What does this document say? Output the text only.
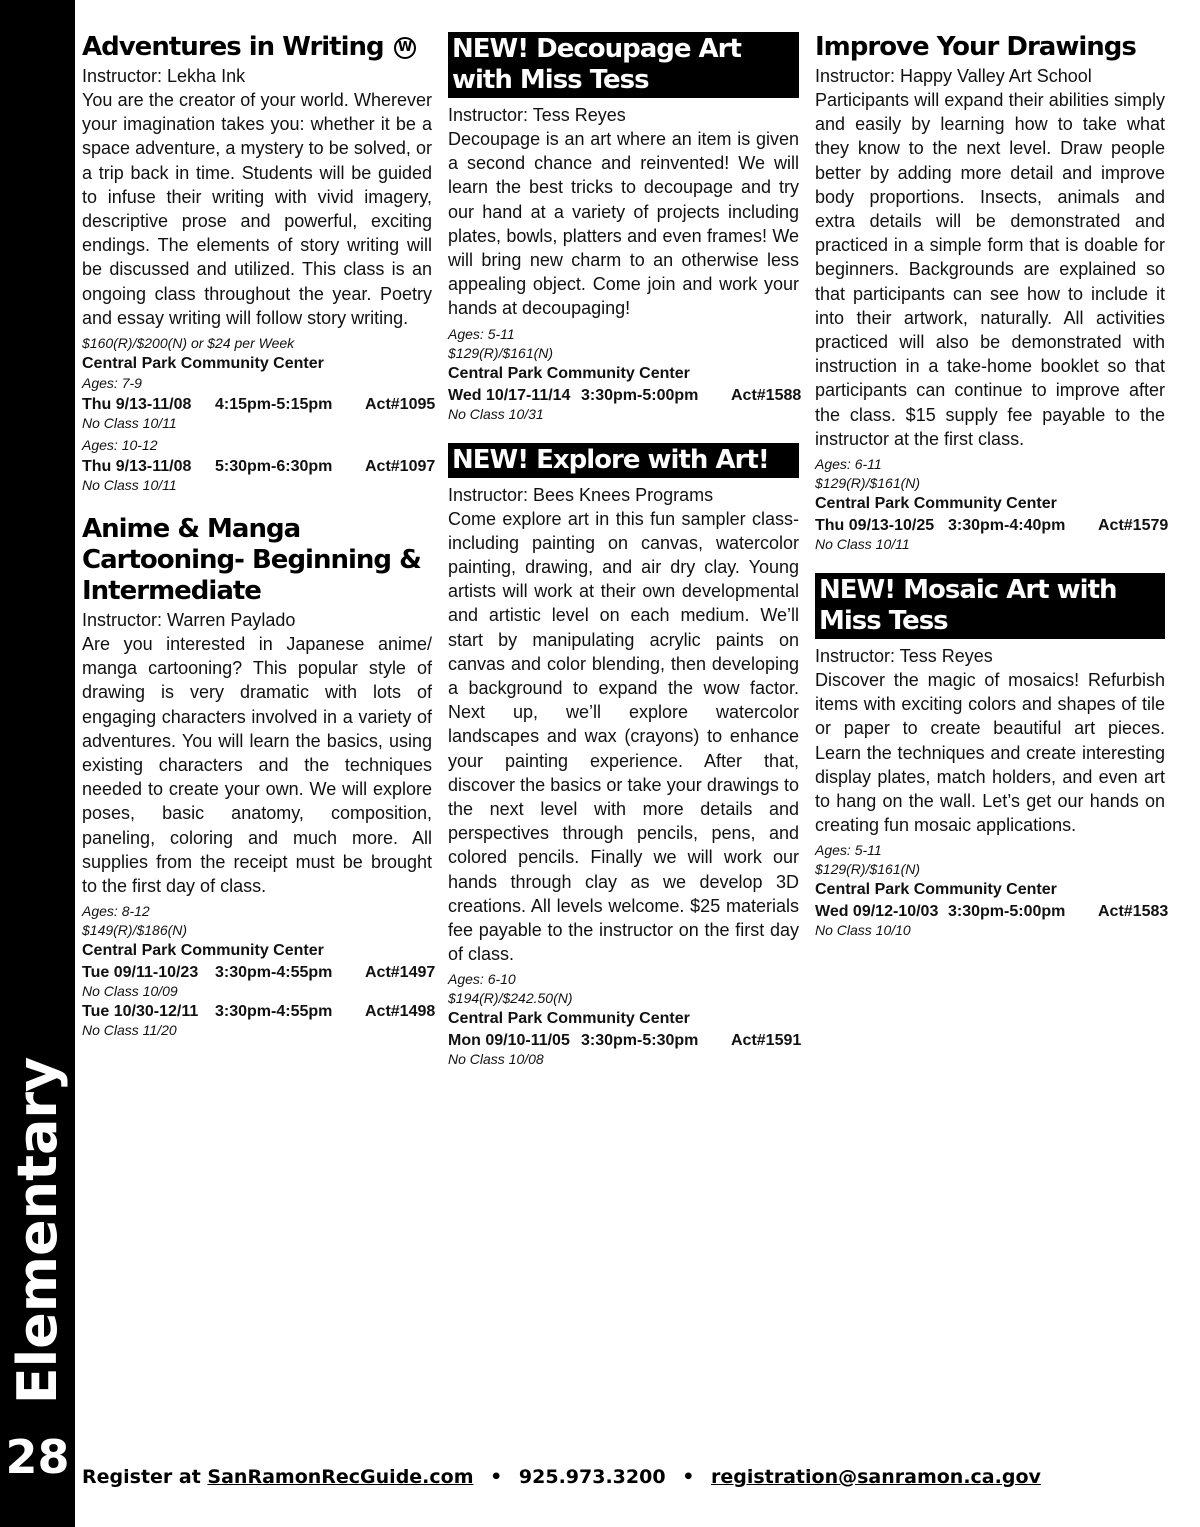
Elementary
28
Adventures in Writing W
Instructor: Lekha Ink
You are the creator of your world. Wherever your imagination takes you: whether it be a space adventure, a mystery to be solved, or a trip back in time. Students will be guided to infuse their writing with vivid imagery, descriptive prose and powerful, exciting endings. The elements of story writing will be discussed and utilized. This class is an ongoing class throughout the year. Poetry and essay writing will follow story writing.
$160(R)/$200(N) or $24 per Week
Central Park Community Center
Ages: 7-9
Thu 9/13-11/08	4:15pm-5:15pm	Act#1095
No Class 10/11
Ages: 10-12
Thu 9/13-11/08	5:30pm-6:30pm	Act#1097
No Class 10/11
Anime & Manga Cartooning- Beginning & Intermediate
Instructor: Warren Paylado
Are you interested in Japanese anime/ manga cartooning? This popular style of drawing is very dramatic with lots of engaging characters involved in a variety of adventures. You will learn the basics, using existing characters and the techniques needed to create your own. We will explore poses, basic anatomy, composition, paneling, coloring and much more. All supplies from the receipt must be brought to the first day of class.
Ages: 8-12
$149(R)/$186(N)
Central Park Community Center
Tue 09/11-10/23	3:30pm-4:55pm	Act#1497
No Class 10/09
Tue 10/30-12/11	3:30pm-4:55pm	Act#1498
No Class 11/20
NEW! Decoupage Art with Miss Tess
Instructor: Tess Reyes
Decoupage is an art where an item is given a second chance and reinvented! We will learn the best tricks to decoupage and try our hand at a variety of projects including plates, bowls, platters and even frames! We will bring new charm to an otherwise less appealing object. Come join and work your hands at decoupaging!
Ages: 5-11
$129(R)/$161(N)
Central Park Community Center
Wed 10/17-11/14 3:30pm-5:00pm	Act#1588
No Class 10/31
NEW! Explore with Art!
Instructor: Bees Knees Programs
Come explore art in this fun sampler class- including painting on canvas, watercolor painting, drawing, and air dry clay. Young artists will work at their own developmental and artistic level on each medium. We’ll start by manipulating acrylic paints on canvas and color blending, then developing a background to expand the wow factor. Next up, we’ll explore watercolor landscapes and wax (crayons) to enhance your painting experience. After that, discover the basics or take your drawings to the next level with more details and perspectives through pencils, pens, and colored pencils. Finally we will work our hands through clay as we develop 3D creations. All levels welcome. $25 materials fee payable to the instructor on the first day of class.
Ages: 6-10
$194(R)/$242.50(N)
Central Park Community Center
Mon 09/10-11/05 3:30pm-5:30pm	Act#1591
No Class 10/08
Improve Your Drawings
Instructor: Happy Valley Art School
Participants will expand their abilities simply and easily by learning how to take what they know to the next level. Draw people better by adding more detail and improve body proportions. Insects, animals and extra details will be demonstrated and practiced in a simple form that is doable for beginners. Backgrounds are explained so that participants can see how to include it into their artwork, naturally. All activities practiced will also be demonstrated with instruction in a take-home booklet so that participants can continue to improve after the class. $15 supply fee payable to the instructor at the first class.
Ages: 6-11
$129(R)/$161(N)
Central Park Community Center
Thu 09/13-10/25 3:30pm-4:40pm	Act#1579
No Class 10/11
NEW! Mosaic Art with Miss Tess
Instructor: Tess Reyes
Discover the magic of mosaics! Refurbish items with exciting colors and shapes of tile or paper to create beautiful art pieces. Learn the techniques and create interesting display plates, match holders, and even art to hang on the wall. Let’s get our hands on creating fun mosaic applications.
Ages: 5-11
$129(R)/$161(N)
Central Park Community Center
Wed 09/12-10/03 3:30pm-5:00pm	Act#1583
No Class 10/10
Register at SanRamonRecGuide.com • 925.973.3200 • registration@sanramon.ca.gov
